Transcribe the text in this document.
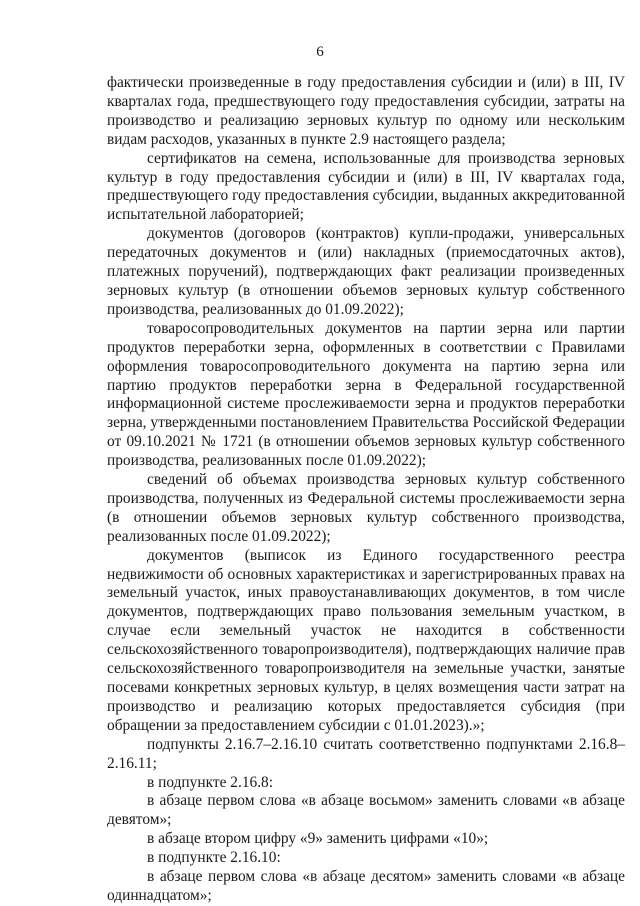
6

фактически произведенные в году предоставления субсидии и (или) в III, IV кварталах года, предшествующего году предоставления субсидии, затраты на производство и реализацию зерновых культур по одному или нескольким видам расходов, указанных в пункте 2.9 настоящего раздела;

сертификатов на семена, использованные для производства зерновых культур в году предоставления субсидии и (или) в III, IV кварталах года, предшествующего году предоставления субсидии, выданных аккредитованной испытательной лабораторией;

документов (договоров (контрактов) купли-продажи, универсальных передаточных документов и (или) накладных (приемосдаточных актов), платежных поручений), подтверждающих факт реализации произведенных зерновых культур (в отношении объемов зерновых культур собственного производства, реализованных до 01.09.2022);

товаросопроводительных документов на партии зерна или партии продуктов переработки зерна, оформленных в соответствии с Правилами оформления товаросопроводительного документа на партию зерна или партию продуктов переработки зерна в Федеральной государственной информационной системе прослеживаемости зерна и продуктов переработки зерна, утвержденными постановлением Правительства Российской Федерации от 09.10.2021 № 1721 (в отношении объемов зерновых культур собственного производства, реализованных после 01.09.2022);

сведений об объемах производства зерновых культур собственного производства, полученных из Федеральной системы прослеживаемости зерна (в отношении объемов зерновых культур собственного производства, реализованных после 01.09.2022);

документов (выписок из Единого государственного реестра недвижимости об основных характеристиках и зарегистрированных правах на земельный участок, иных правоустанавливающих документов, в том числе документов, подтверждающих право пользования земельным участком, в случае если земельный участок не находится в собственности сельскохозяйственного товаропроизводителя), подтверждающих наличие прав сельскохозяйственного товаропроизводителя на земельные участки, занятые посевами конкретных зерновых культур, в целях возмещения части затрат на производство и реализацию которых предоставляется субсидия (при обращении за предоставлением субсидии с 01.01.2023).»;

подпункты 2.16.7–2.16.10 считать соответственно подпунктами 2.16.8–2.16.11;

в подпункте 2.16.8:

в абзаце первом слова «в абзаце восьмом» заменить словами «в абзаце девятом»;

в абзаце втором цифру «9» заменить цифрами «10»;

в подпункте 2.16.10:

в абзаце первом слова «в абзаце десятом» заменить словами «в абзаце одиннадцатом»;
